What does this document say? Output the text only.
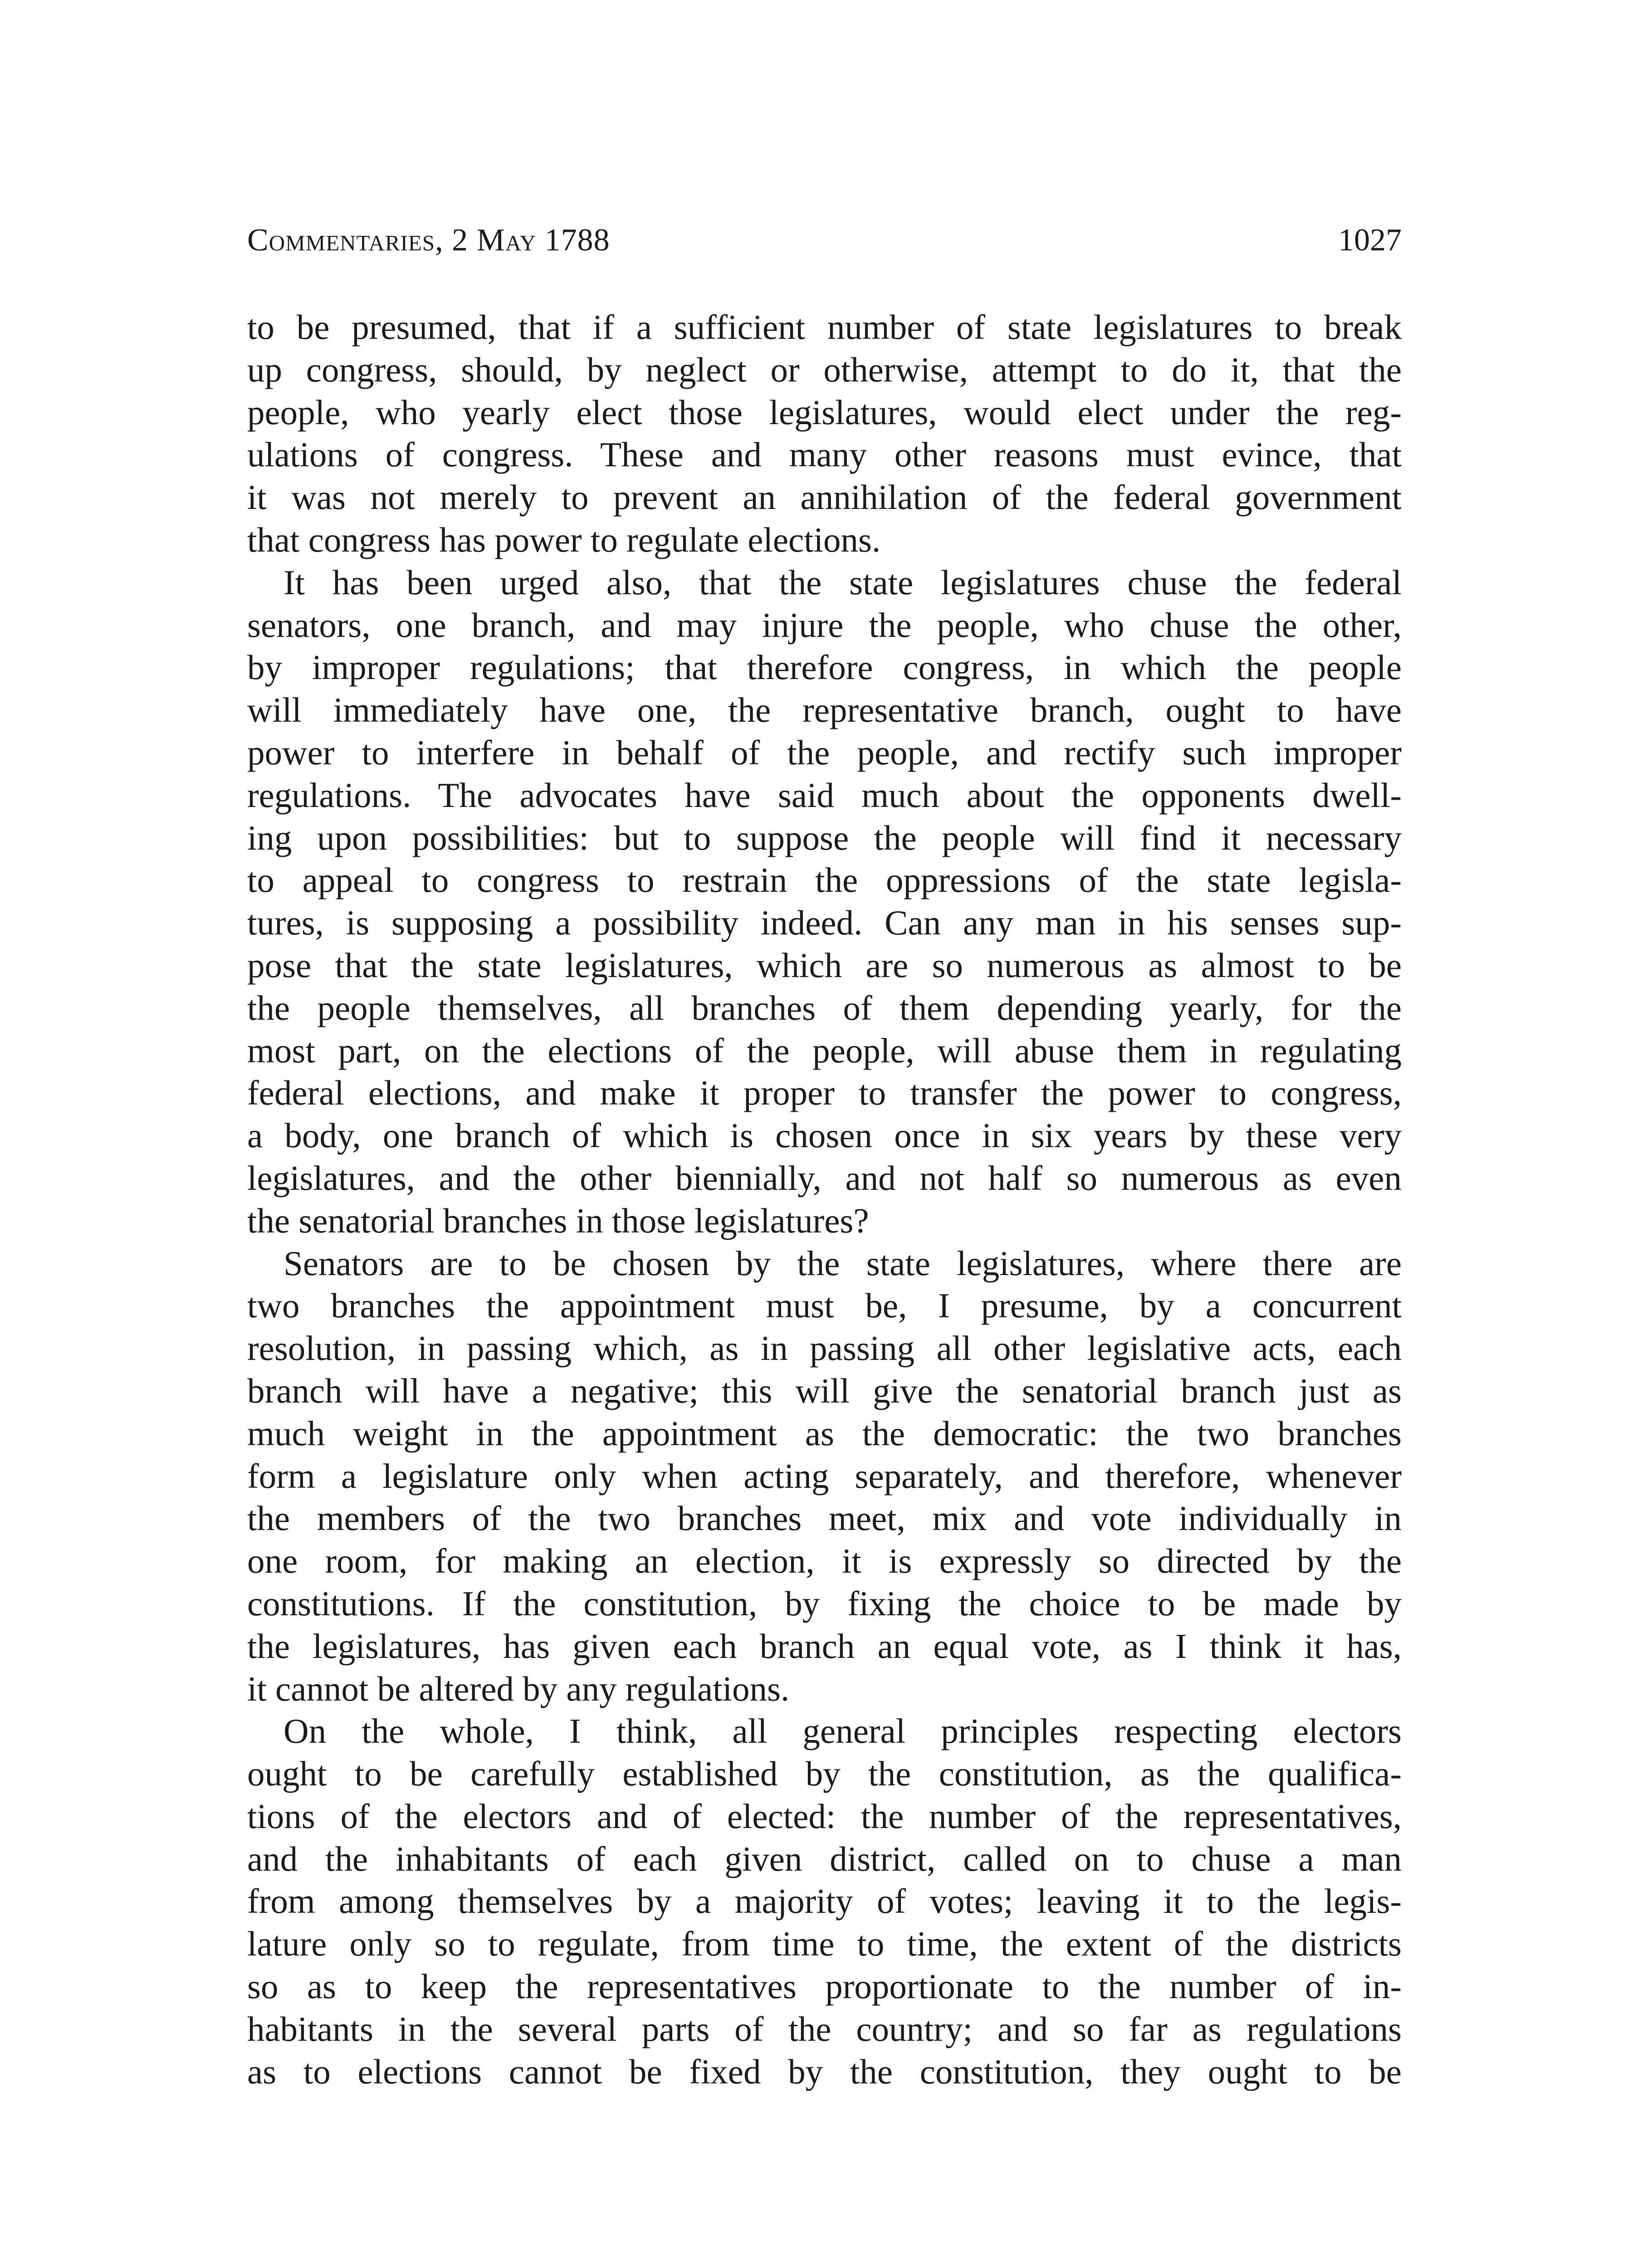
Commentaries, 2 May 1788	1027
to be presumed, that if a sufficient number of state legislatures to break
up congress, should, by neglect or otherwise, attempt to do it, that the
people, who yearly elect those legislatures, would elect under the reg-
ulations of congress. These and many other reasons must evince, that
it was not merely to prevent an annihilation of the federal government
that congress has power to regulate elections.
It has been urged also, that the state legislatures chuse the federal
senators, one branch, and may injure the people, who chuse the other,
by improper regulations; that therefore congress, in which the people
will immediately have one, the representative branch, ought to have
power to interfere in behalf of the people, and rectify such improper
regulations. The advocates have said much about the opponents dwell-
ing upon possibilities: but to suppose the people will find it necessary
to appeal to congress to restrain the oppressions of the state legisla-
tures, is supposing a possibility indeed. Can any man in his senses sup-
pose that the state legislatures, which are so numerous as almost to be
the people themselves, all branches of them depending yearly, for the
most part, on the elections of the people, will abuse them in regulating
federal elections, and make it proper to transfer the power to congress,
a body, one branch of which is chosen once in six years by these very
legislatures, and the other biennially, and not half so numerous as even
the senatorial branches in those legislatures?
Senators are to be chosen by the state legislatures, where there are
two branches the appointment must be, I presume, by a concurrent
resolution, in passing which, as in passing all other legislative acts, each
branch will have a negative; this will give the senatorial branch just as
much weight in the appointment as the democratic: the two branches
form a legislature only when acting separately, and therefore, whenever
the members of the two branches meet, mix and vote individually in
one room, for making an election, it is expressly so directed by the
constitutions. If the constitution, by fixing the choice to be made by
the legislatures, has given each branch an equal vote, as I think it has,
it cannot be altered by any regulations.
On the whole, I think, all general principles respecting electors
ought to be carefully established by the constitution, as the qualifica-
tions of the electors and of elected: the number of the representatives,
and the inhabitants of each given district, called on to chuse a man
from among themselves by a majority of votes; leaving it to the legis-
lature only so to regulate, from time to time, the extent of the districts
so as to keep the representatives proportionate to the number of in-
habitants in the several parts of the country; and so far as regulations
as to elections cannot be fixed by the constitution, they ought to be
